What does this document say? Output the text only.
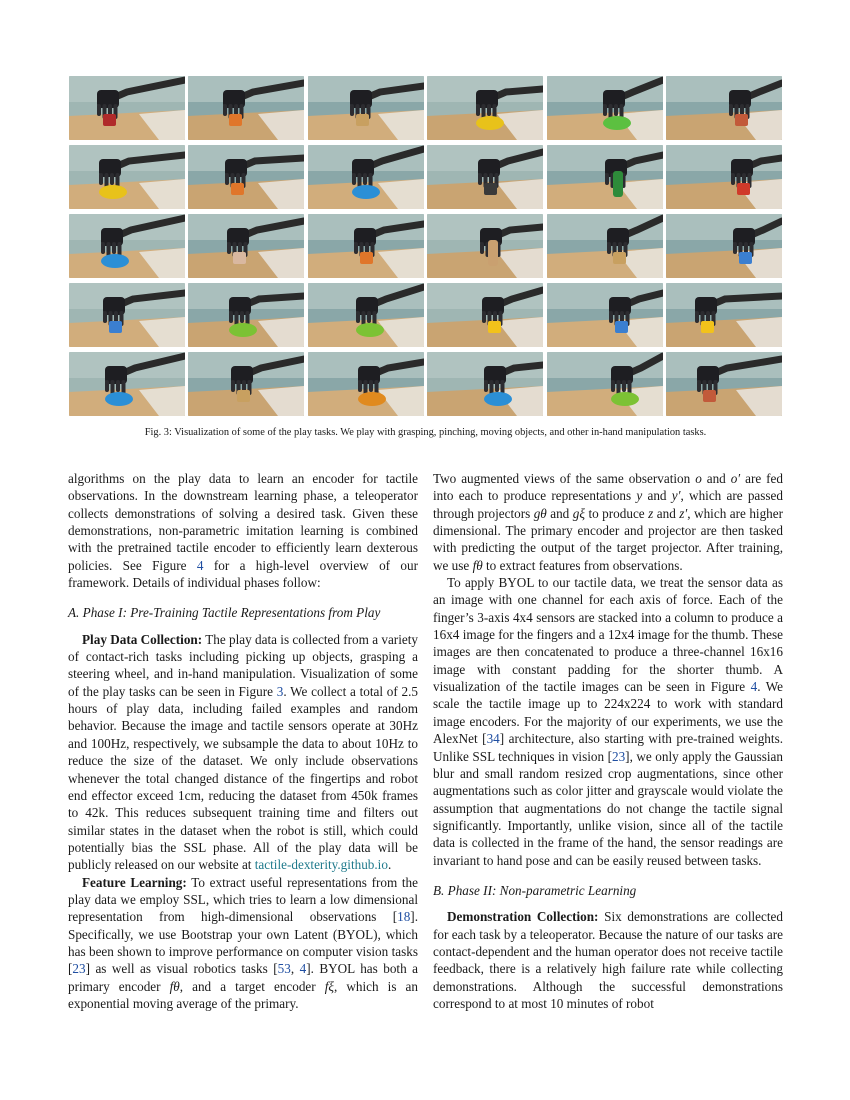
Fig. 3: Visualization of some of the play tasks. We play with grasping, pinching, moving objects, and other in-hand manipulation tasks.

algorithms on the play data to learn an encoder for tactile observations. In the downstream learning phase, a teleoperator collects demonstrations of solving a desired task. Given these demonstrations, non-parametric imitation learning is combined with the pretrained tactile encoder to efficiently learn dexterous policies. See Figure 4 for a high-level overview of our framework. Details of individual phases follow:

A. Phase I: Pre-Training Tactile Representations from Play

Play Data Collection: The play data is collected from a variety of contact-rich tasks including picking up objects, grasping a steering wheel, and in-hand manipulation. Visualization of some of the play tasks can be seen in Figure 3. We collect a total of 2.5 hours of play data, including failed examples and random behavior. Because the image and tactile sensors operate at 30Hz and 100Hz, respectively, we subsample the data to about 10Hz to reduce the size of the dataset. We only include observations whenever the total changed distance of the fingertips and robot end effector exceed 1cm, reducing the dataset from 450k frames to 42k. This reduces subsequent training time and filters out similar states in the dataset when the robot is still, which could potentially bias the SSL phase. All of the play data will be publicly released on our website at tactile-dexterity.github.io.

Feature Learning: To extract useful representations from the play data we employ SSL, which tries to learn a low dimensional representation from high-dimensional observations [18]. Specifically, we use Bootstrap your own Latent (BYOL), which has been shown to improve performance on computer vision tasks [23] as well as visual robotics tasks [53, 4]. BYOL has both a primary encoder fθ, and a target encoder fξ, which is an exponential moving average of the primary.

Two augmented views of the same observation o and o′ are fed into each to produce representations y and y′, which are passed through projectors gθ and gξ to produce z and z′, which are higher dimensional. The primary encoder and projector are then tasked with predicting the output of the target projector. After training, we use fθ to extract features from observations.

To apply BYOL to our tactile data, we treat the sensor data as an image with one channel for each axis of force. Each of the finger’s 3-axis 4x4 sensors are stacked into a column to produce a 16x4 image for the fingers and a 12x4 image for the thumb. These images are then concatenated to produce a three-channel 16x16 image with constant padding for the shorter thumb. A visualization of the tactile images can be seen in Figure 4. We scale the tactile image up to 224x224 to work with standard image encoders. For the majority of our experiments, we use the AlexNet [34] architecture, also starting with pre-trained weights. Unlike SSL techniques in vision [23], we only apply the Gaussian blur and small random resized crop augmentations, since other augmentations such as color jitter and grayscale would violate the assumption that augmentations do not change the tactile signal significantly. Importantly, unlike vision, since all of the tactile data is collected in the frame of the hand, the sensor readings are invariant to hand pose and can be easily reused between tasks.

B. Phase II: Non-parametric Learning

Demonstration Collection: Six demonstrations are collected for each task by a teleoperator. Because the nature of our tasks are contact-dependent and the human operator does not receive tactile feedback, there is a relatively high failure rate while collecting demonstrations. Although the successful demonstrations correspond to at most 10 minutes of robot
